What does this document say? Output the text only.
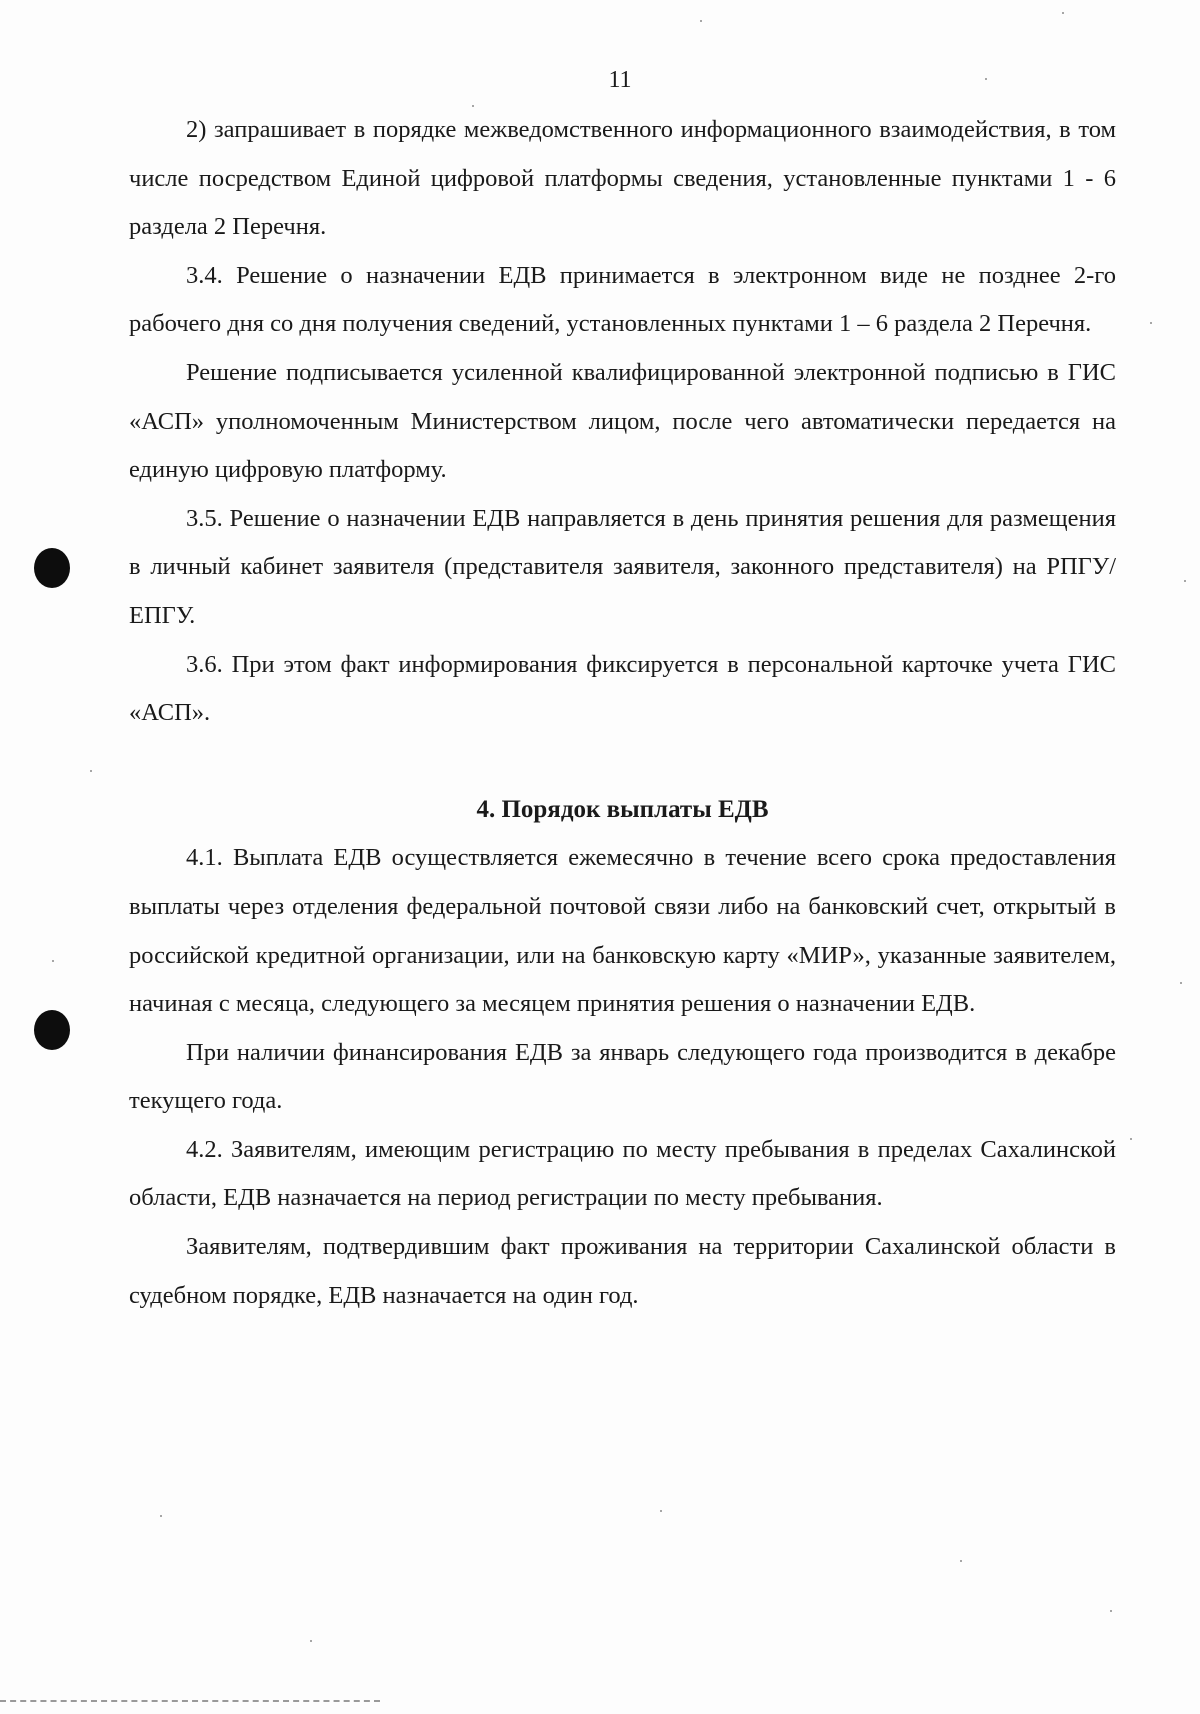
11

2) запрашивает в порядке межведомственного информационного взаимодействия, в том числе посредством Единой цифровой платформы сведения, установленные пунктами 1 - 6 раздела 2 Перечня.

3.4. Решение о назначении ЕДВ принимается в электронном виде не позднее 2-го рабочего дня со дня получения сведений, установленных пунктами 1 – 6 раздела 2 Перечня.

Решение подписывается усиленной квалифицированной электронной подписью в ГИС «АСП» уполномоченным Министерством лицом, после чего автоматически передается на единую цифровую платформу.

3.5. Решение о назначении ЕДВ направляется в день принятия решения для размещения в личный кабинет заявителя (представителя заявителя, законного представителя) на РПГУ/ЕПГУ.

3.6. При этом факт информирования фиксируется в персональной карточке учета ГИС «АСП».

4. Порядок выплаты ЕДВ

4.1. Выплата ЕДВ осуществляется ежемесячно в течение всего срока предоставления выплаты через отделения федеральной почтовой связи либо на банковский счет, открытый в российской кредитной организации, или на банковскую карту «МИР», указанные заявителем, начиная с месяца, следующего за месяцем принятия решения о назначении ЕДВ.

При наличии финансирования ЕДВ за январь следующего года производится в декабре текущего года.

4.2. Заявителям, имеющим регистрацию по месту пребывания в пределах Сахалинской области, ЕДВ назначается на период регистрации по месту пребывания.

Заявителям, подтвердившим факт проживания на территории Сахалинской области в судебном порядке, ЕДВ назначается на один год.
